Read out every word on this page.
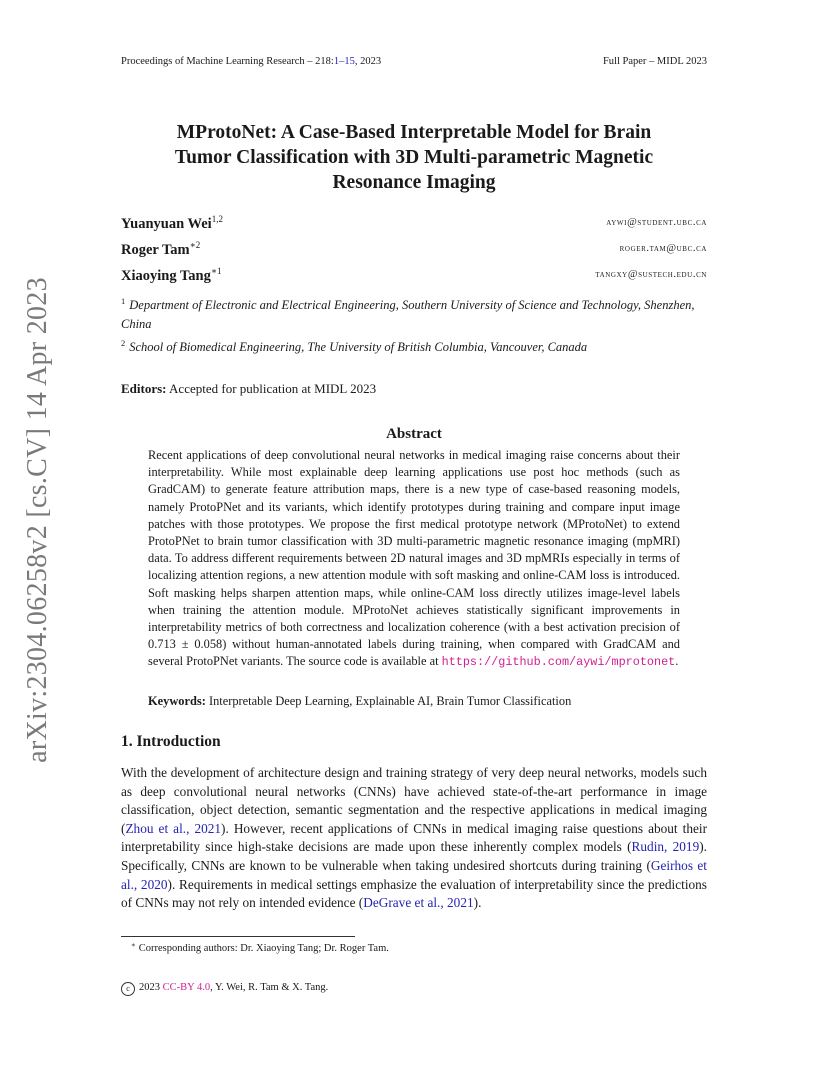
arXiv:2304.06258v2 [cs.CV] 14 Apr 2023
Proceedings of Machine Learning Research – 218:1–15, 2023	Full Paper – MIDL 2023
MProtoNet: A Case-Based Interpretable Model for Brain
Tumor Classification with 3D Multi-parametric Magnetic
Resonance Imaging
Yuanyuan Wei$^{1,2}$	aywi@student.ubc.ca
Roger Tam$^{∗2}$	roger.tam@ubc.ca
Xiaoying Tang$^{∗1}$	tangxy@sustech.edu.cn
$^1$ Department of Electronic and Electrical Engineering, Southern University of Science and Technology, Shenzhen, China
$^2$ School of Biomedical Engineering, The University of British Columbia, Vancouver, Canada
Editors: Accepted for publication at MIDL 2023
Abstract
Recent applications of deep convolutional neural networks in medical imaging raise concerns about their interpretability. While most explainable deep learning applications use post hoc methods (such as GradCAM) to generate feature attribution maps, there is a new type of case-based reasoning models, namely ProtoPNet and its variants, which identify prototypes during training and compare input image patches with those prototypes. We propose the first medical prototype network (MProtoNet) to extend ProtoPNet to brain tumor classification with 3D multi-parametric magnetic resonance imaging (mpMRI) data. To address different requirements between 2D natural images and 3D mpMRIs especially in terms of localizing attention regions, a new attention module with soft masking and online-CAM loss is introduced. Soft masking helps sharpen attention maps, while online-CAM loss directly utilizes image-level labels when training the attention module. MProtoNet achieves statistically significant improvements in interpretability metrics of both correctness and localization coherence (with a best activation precision of 0.713 ± 0.058) without human-annotated labels during training, when compared with GradCAM and several ProtoPNet variants. The source code is available at https://github.com/aywi/mprotonet.
Keywords: Interpretable Deep Learning, Explainable AI, Brain Tumor Classification
1. Introduction
With the development of architecture design and training strategy of very deep neural networks, models such as deep convolutional neural networks (CNNs) have achieved state-of-the-art performance in image classification, object detection, semantic segmentation and the respective applications in medical imaging (Zhou et al., 2021). However, recent applications of CNNs in medical imaging raise questions about their interpretability since high-stake decisions are made upon these inherently complex models (Rudin, 2019). Specifically, CNNs are known to be vulnerable when taking undesired shortcuts during training (Geirhos et al., 2020). Requirements in medical settings emphasize the evaluation of interpretability since the predictions of CNNs may not rely on intended evidence (DeGrave et al., 2021).
∗ Corresponding authors: Dr. Xiaoying Tang; Dr. Roger Tam.
c 2023 CC-BY 4.0, Y. Wei, R. Tam & X. Tang.
